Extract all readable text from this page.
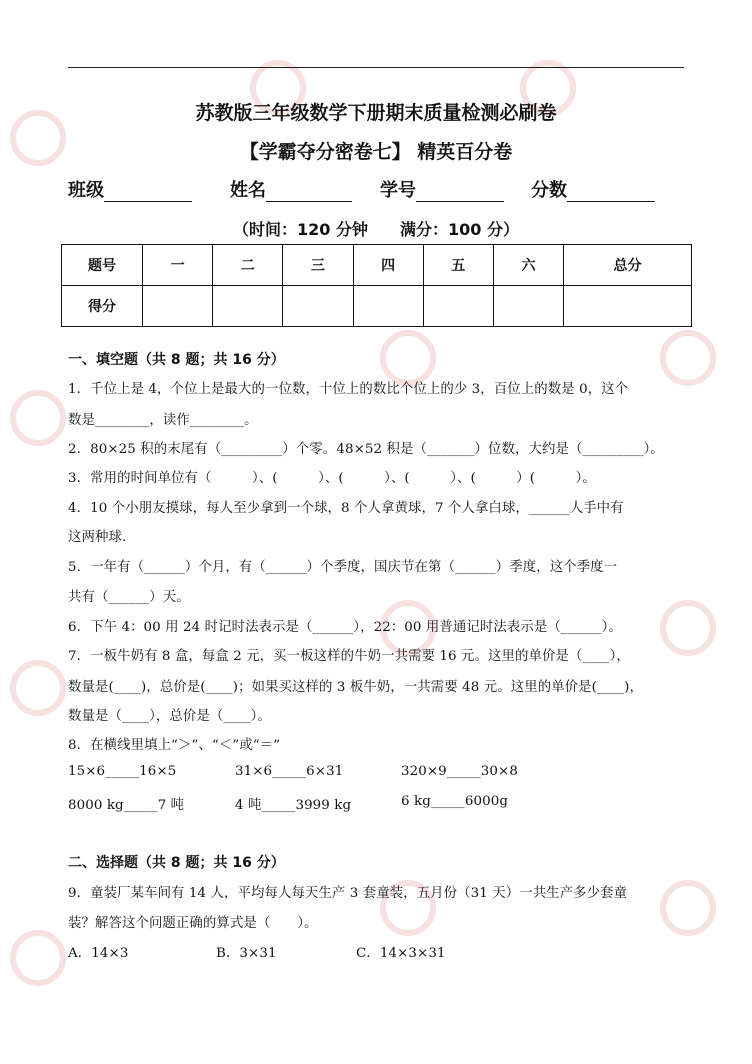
苏教版三年级数学下册期末质量检测必刷卷
【学霸夺分密卷七】 精英百分卷
班级	姓名	学号	分数
（时间：120 分钟　　满分：100 分）
题号	一	二	三	四	五	六	总分
得分							
一、填空题（共 8 题；共 16 分）
1．千位上是 4，个位上是最大的一位数，十位上的数比个位上的少 3，百位上的数是 0，这个
数是________，读作________。
2．80×25 积的末尾有（_________）个零。48×52 积是（_______）位数，大约是（_________）。
3．常用的时间单位有（　　　）、(　　　）、(　　　）、(　　　）、(　　　）(　　　）。
4．10 个小朋友摸球，每人至少拿到一个球，8 个人拿黄球，7 个人拿白球，______人手中有
这两种球.
5．一年有（______）个月，有（______）个季度，国庆节在第（______）季度，这个季度一
共有（______）天。
6．下午 4：00 用 24 时记时法表示是（______），22：00 用普通记时法表示是（______）。
7．一板牛奶有 8 盒，每盒 2 元，买一板这样的牛奶一共需要 16 元。这里的单价是（____），
数量是(____)，总价是(____)；如果买这样的 3 板牛奶，一共需要 48 元。这里的单价是(____)，
数量是（____），总价是（____）。
8．在横线里填上“＞”、“＜”或“＝”
15×6_____16×5	31×6_____6×31	320×9_____30×8
8000 kg_____7 吨	4 吨_____3999 kg	6 kg_____6000g
二、选择题（共 8 题；共 16 分）
9．童装厂某车间有 14 人，平均每人每天生产 3 套童装，五月份（31 天）一共生产多少套童
装？解答这个问题正确的算式是（　　）。
A．14×3	B．3×31	C．14×3×31
